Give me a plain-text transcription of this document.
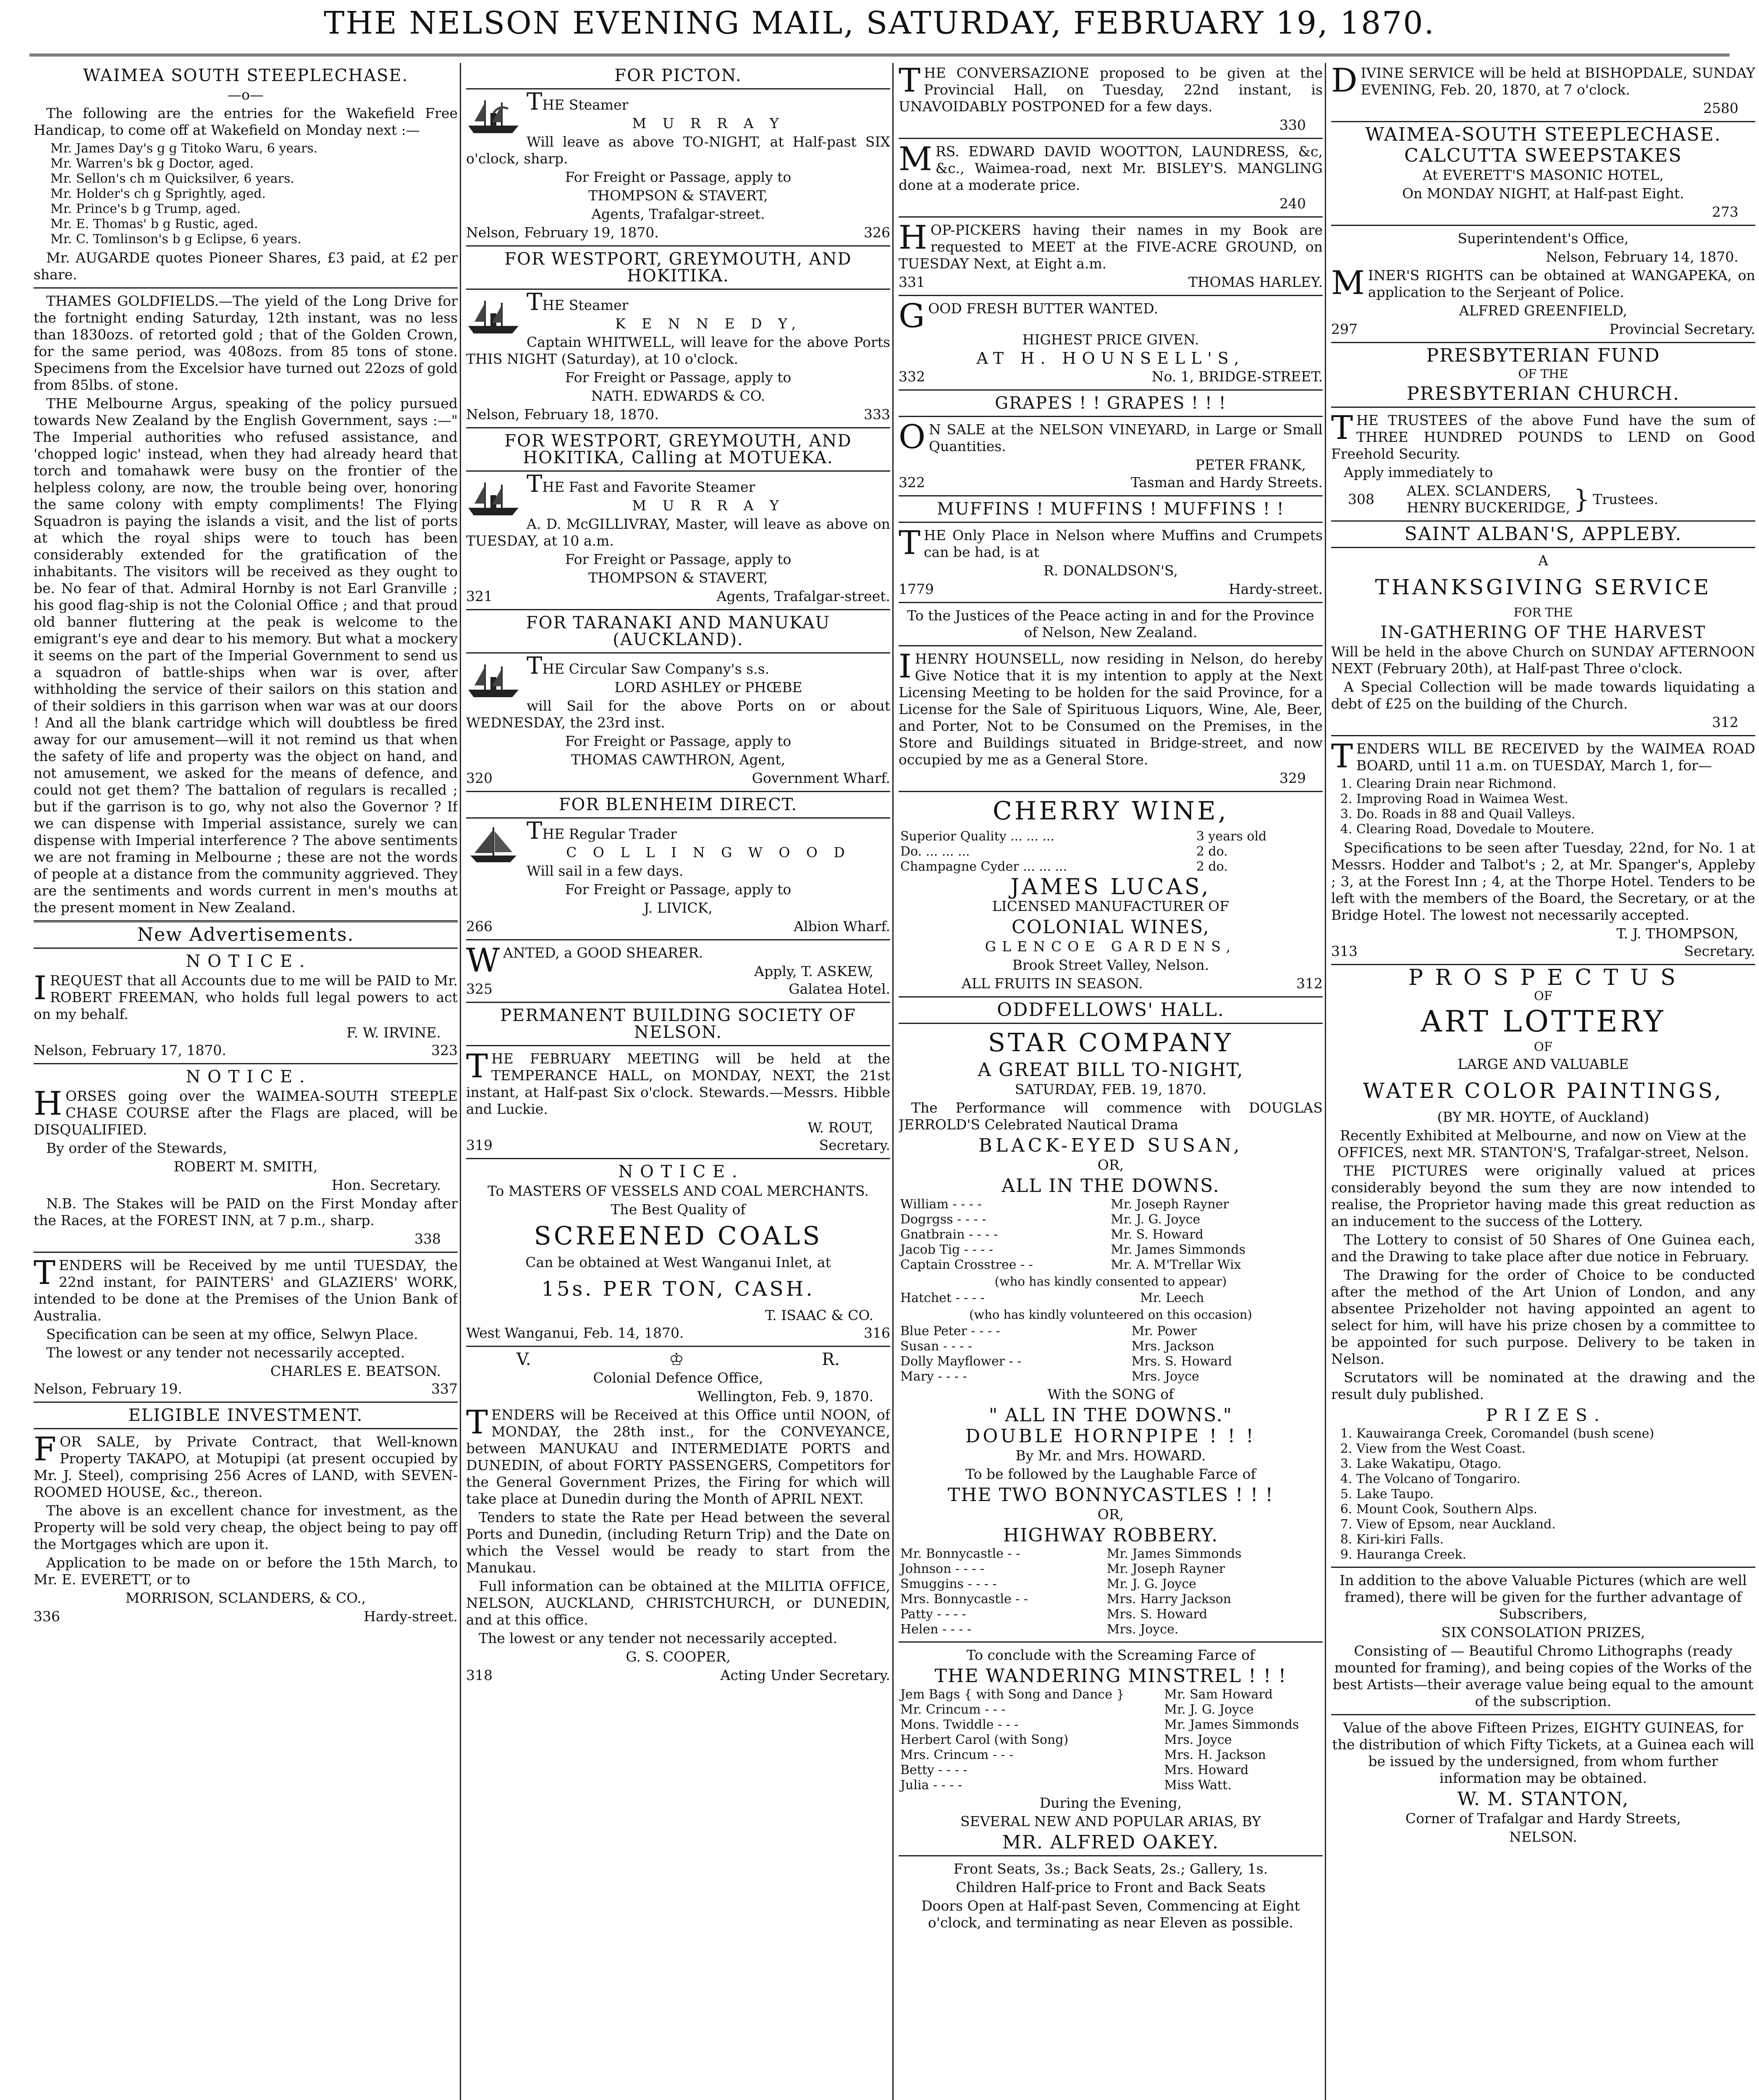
THE NELSON EVENING MAIL, SATURDAY, FEBRUARY 19, 1870.
WAIMEA SOUTH STEEPLECHASE.
—o—
The following are the entries for the Wakefield Free Handicap, to come off at Wakefield on Monday next :—
Mr. James Day's g g Titoko Waru, 6 years.
Mr. Warren's bk g Doctor, aged.
Mr. Sellon's ch m Quicksilver, 6 years.
Mr. Holder's ch g Sprightly, aged.
Mr. Prince's b g Trump, aged.
Mr. E. Thomas' b g Rustic, aged.
Mr. C. Tomlinson's b g Eclipse, 6 years.
Mr. AUGARDE quotes Pioneer Shares, £3 paid, at £2 per share.
THAMES GOLDFIELDS.—The yield of the Long Drive for the fortnight ending Saturday, 12th instant, was no less than 1830ozs. of retorted gold ; that of the Golden Crown, for the same period, was 408ozs. from 85 tons of stone. Specimens from the Excelsior have turned out 22ozs of gold from 85lbs. of stone.
THE Melbourne Argus, speaking of the policy pursued towards New Zealand by the English Government, says :—" The Imperial authorities who refused assistance, and 'chopped logic' instead, when they had already heard that torch and tomahawk were busy on the frontier of the helpless colony, are now, the trouble being over, honoring the same colony with empty compliments! The Flying Squadron is paying the islands a visit, and the list of ports at which the royal ships were to touch has been considerably extended for the gratification of the inhabitants. The visitors will be received as they ought to be. No fear of that. Admiral Hornby is not Earl Granville ; his good flag-ship is not the Colonial Office ; and that proud old banner fluttering at the peak is welcome to the emigrant's eye and dear to his memory. But what a mockery it seems on the part of the Imperial Government to send us a squadron of battle-ships when war is over, after withholding the service of their sailors on this station and of their soldiers in this garrison when war was at our doors ! And all the blank cartridge which will doubtless be fired away for our amusement—will it not remind us that when the safety of life and property was the object on hand, and not amusement, we asked for the means of defence, and could not get them? The battalion of regulars is recalled ; but if the garrison is to go, why not also the Governor ? If we can dispense with Imperial assistance, surely we can dispense with Imperial interference ? The above sentiments we are not framing in Melbourne ; these are not the words of people at a distance from the community aggrieved. They are the sentiments and words current in men's mouths at the present moment in New Zealand.
New Advertisements.
N O T I C E .
IREQUEST that all Accounts due to me will be PAID to Mr. ROBERT FREEMAN, who holds full legal powers to act on my behalf.
F. W. IRVINE.
Nelson, February 17, 1870.	323
N O T I C E .
HORSES going over the WAIMEA-SOUTH STEEPLE CHASE COURSE after the Flags are placed, will be DISQUALIFIED.
By order of the Stewards,
ROBERT M. SMITH,
Hon. Secretary.
N.B. The Stakes will be PAID on the First Monday after the Races, at the FOREST INN, at 7 p.m., sharp.
338
TENDERS will be Received by me until TUESDAY, the 22nd instant, for PAINTERS' and GLAZIERS' WORK, intended to be done at the Premises of the Union Bank of Australia.
Specification can be seen at my office, Selwyn Place.
The lowest or any tender not necessarily accepted.
CHARLES E. BEATSON.
Nelson, February 19.	337
ELIGIBLE INVESTMENT.
FOR SALE, by Private Contract, that Well-known Property TAKAPO, at Motupipi (at present occupied by Mr. J. Steel), comprising 256 Acres of LAND, with SEVEN-ROOMED HOUSE, &c., thereon.
The above is an excellent chance for investment, as the Property will be sold very cheap, the object being to pay off the Mortgages which are upon it.
Application to be made on or before the 15th March, to Mr. E. EVERETT, or to
MORRISON, SCLANDERS, & CO.,
336	Hardy-street.
FOR PICTON.
THE Steamer
M U R R A Y
Will leave as above TO-NIGHT, at Half-past SIX o'clock, sharp.
For Freight or Passage, apply to
THOMPSON & STAVERT,
Agents, Trafalgar-street.
Nelson, February 19, 1870.	326
FOR WESTPORT, GREYMOUTH, AND HOKITIKA.
THE Steamer
K E N N E D Y,
Captain WHITWELL, will leave for the above Ports THIS NIGHT (Saturday), at 10 o'clock.
For Freight or Passage, apply to
NATH. EDWARDS & CO.
Nelson, February 18, 1870.	333
FOR WESTPORT, GREYMOUTH, AND HOKITIKA, Calling at MOTUEKA.
THE Fast and Favorite Steamer
M U R R A Y
A. D. McGILLIVRAY, Master, will leave as above on TUESDAY, at 10 a.m.
For Freight or Passage, apply to
THOMPSON & STAVERT,
321	Agents, Trafalgar-street.
FOR TARANAKI AND MANUKAU (AUCKLAND).
THE Circular Saw Company's s.s.
LORD ASHLEY or PHŒBE
will Sail for the above Ports on or about WEDNESDAY, the 23rd inst.
For Freight or Passage, apply to
THOMAS CAWTHRON, Agent,
320	Government Wharf.
FOR BLENHEIM DIRECT.
THE Regular Trader
C O L L I N G W O O D
Will sail in a few days.
For Freight or Passage, apply to
J. LIVICK,
266	Albion Wharf.
WANTED, a GOOD SHEARER.
Apply, T. ASKEW,
325	Galatea Hotel.
PERMANENT BUILDING SOCIETY OF NELSON.
THE FEBRUARY MEETING will be held at the TEMPERANCE HALL, on MONDAY, NEXT, the 21st instant, at Half-past Six o'clock. Stewards.—Messrs. Hibble and Luckie.
W. ROUT,
319	Secretary.
N O T I C E .
To MASTERS OF VESSELS AND COAL MERCHANTS.
The Best Quality of
SCREENED COALS
Can be obtained at West Wanganui Inlet, at
15s. PER TON, CASH.
T. ISAAC & CO.
West Wanganui, Feb. 14, 1870.	316
V.	♔	R.
Colonial Defence Office,
Wellington, Feb. 9, 1870.
TENDERS will be Received at this Office until NOON, of MONDAY, the 28th inst., for the CONVEYANCE, between MANUKAU and INTERMEDIATE PORTS and DUNEDIN, of about FORTY PASSENGERS, Competitors for the General Government Prizes, the Firing for which will take place at Dunedin during the Month of APRIL NEXT.
Tenders to state the Rate per Head between the several Ports and Dunedin, (including Return Trip) and the Date on which the Vessel would be ready to start from the Manukau.
Full information can be obtained at the MILITIA OFFICE, NELSON, AUCKLAND, CHRISTCHURCH, or DUNEDIN, and at this office.
The lowest or any tender not necessarily accepted.
G. S. COOPER,
318	Acting Under Secretary.
THE CONVERSAZIONE proposed to be given at the Provincial Hall, on Tuesday, 22nd instant, is UNAVOIDABLY POSTPONED for a few days.
330
MRS. EDWARD DAVID WOOTTON, LAUNDRESS, &c, &c., Waimea-road, next Mr. BISLEY'S. MANGLING done at a moderate price.
240
HOP-PICKERS having their names in my Book are requested to MEET at the FIVE-ACRE GROUND, on TUESDAY Next, at Eight a.m.
331	THOMAS HARLEY.
GOOD FRESH BUTTER WANTED.
HIGHEST PRICE GIVEN.
AT H. HOUNSELL'S,
332	No. 1, BRIDGE-STREET.
GRAPES ! ! GRAPES ! ! !
O N SALE at the NELSON VINEYARD, in Large or Small Quantities.
PETER FRANK,
322	Tasman and Hardy Streets.
MUFFINS ! MUFFINS ! MUFFINS ! !
THE Only Place in Nelson where Muffins and Crumpets can be had, is at
R. DONALDSON'S,
1779	Hardy-street.
To the Justices of the Peace acting in and for the Province of Nelson, New Zealand.
IHENRY HOUNSELL, now residing in Nelson, do hereby Give Notice that it is my intention to apply at the Next Licensing Meeting to be holden for the said Province, for a License for the Sale of Spirituous Liquors, Wine, Ale, Beer, and Porter, Not to be Consumed on the Premises, in the Store and Buildings situated in Bridge-street, and now occupied by me as a General Store.
329
CHERRY WINE,
Superior Quality ... ... ...	3 years old
Do. ... ... ...	2 do.
Champagne Cyder ... ... ...	2 do.
JAMES LUCAS,
LICENSED MANUFACTURER OF
COLONIAL WINES,
GLENCOE GARDENS,
Brook Street Valley, Nelson.
ALL FRUITS IN SEASON.	312
ODDFELLOWS' HALL.
STAR COMPANY
A GREAT BILL TO-NIGHT,
SATURDAY, FEB. 19, 1870.
The Performance will commence with DOUGLAS JERROLD'S Celebrated Nautical Drama
BLACK-EYED SUSAN,
OR,
ALL IN THE DOWNS.
William - - - -	Mr. Joseph Rayner
Dogrgss - - - -	Mr. J. G. Joyce
Gnatbrain - - - -	Mr. S. Howard
Jacob Tig - - - -	Mr. James Simmonds
Captain Crosstree - -	Mr. A. M'Trellar Wix
(who has kindly consented to appear)
Hatchet - - - -	Mr. Leech
(who has kindly volunteered on this occasion)
Blue Peter - - - -	Mr. Power
Susan - - - -	Mrs. Jackson
Dolly Mayflower - -	Mrs. S. Howard
Mary - - - -	Mrs. Joyce
With the SONG of
" ALL IN THE DOWNS."
DOUBLE HORNPIPE ! ! !
By Mr. and Mrs. HOWARD.
To be followed by the Laughable Farce of
THE TWO BONNYCASTLES ! ! !
OR,
HIGHWAY ROBBERY.
Mr. Bonnycastle - -	Mr. James Simmonds
Johnson - - - -	Mr. Joseph Rayner
Smuggins - - - -	Mr. J. G. Joyce
Mrs. Bonnycastle - -	Mrs. Harry Jackson
Patty - - - -	Mrs. S. Howard
Helen - - - -	Mrs. Joyce.
To conclude with the Screaming Farce of
THE WANDERING MINSTREL ! ! !
Jem Bags { with Song and Dance }	Mr. Sam Howard
Mr. Crincum - - -	Mr. J. G. Joyce
Mons. Twiddle - - -	Mr. James Simmonds
Herbert Carol (with Song)	Mrs. Joyce
Mrs. Crincum - - -	Mrs. H. Jackson
Betty - - - -	Mrs. Howard
Julia - - - -	Miss Watt.
During the Evening,
SEVERAL NEW AND POPULAR ARIAS, BY
MR. ALFRED OAKEY.
Front Seats, 3s.; Back Seats, 2s.; Gallery, 1s.
Children Half-price to Front and Back Seats
Doors Open at Half-past Seven, Commencing at Eight o'clock, and terminating as near Eleven as possible.
DIVINE SERVICE will be held at BISHOPDALE, SUNDAY EVENING, Feb. 20, 1870, at 7 o'clock.
2580
WAIMEA-SOUTH STEEPLECHASE.
CALCUTTA SWEEPSTAKES
At EVERETT'S MASONIC HOTEL,
On MONDAY NIGHT, at Half-past Eight.
273
Superintendent's Office,
Nelson, February 14, 1870.
MINER'S RIGHTS can be obtained at WANGAPEKA, on application to the Serjeant of Police.
ALFRED GREENFIELD,
297	Provincial Secretary.
PRESBYTERIAN FUND
OF THE
PRESBYTERIAN CHURCH.
THE TRUSTEES of the above Fund have the sum of THREE HUNDRED POUNDS to LEND on Good Freehold Security.
Apply immediately to
308
ALEX. SCLANDERS,
HENRY BUCKERIDGE, } Trustees.
SAINT ALBAN'S, APPLEBY.
A
THANKSGIVING SERVICE
FOR THE
IN-GATHERING OF THE HARVEST
Will be held in the above Church on SUNDAY AFTERNOON NEXT (February 20th), at Half-past Three o'clock.
A Special Collection will be made towards liquidating a debt of £25 on the building of the Church.
312
TENDERS WILL BE RECEIVED by the WAIMEA ROAD BOARD, until 11 a.m. on TUESDAY, March 1, for—
1. Clearing Drain near Richmond.
2. Improving Road in Waimea West.
3. Do. Roads in 88 and Quail Valleys.
4. Clearing Road, Dovedale to Moutere.
Specifications to be seen after Tuesday, 22nd, for No. 1 at Messrs. Hodder and Talbot's ; 2, at Mr. Spanger's, Appleby ; 3, at the Forest Inn ; 4, at the Thorpe Hotel. Tenders to be left with the members of the Board, the Secretary, or at the Bridge Hotel. The lowest not necessarily accepted.
T. J. THOMPSON,
313	Secretary.
P R O S P E C T U S
OF
ART LOTTERY
OF
LARGE AND VALUABLE
WATER COLOR PAINTINGS,
(BY MR. HOYTE, of Auckland)
Recently Exhibited at Melbourne, and now on View at the OFFICES, next MR. STANTON'S, Trafalgar-street, Nelson.
THE PICTURES were originally valued at prices considerably beyond the sum they are now intended to realise, the Proprietor having made this great reduction as an inducement to the success of the Lottery.
The Lottery to consist of 50 Shares of One Guinea each, and the Drawing to take place after due notice in February.
The Drawing for the order of Choice to be conducted after the method of the Art Union of London, and any absentee Prizeholder not having appointed an agent to select for him, will have his prize chosen by a committee to be appointed for such purpose. Delivery to be taken in Nelson.
Scrutators will be nominated at the drawing and the result duly published.
P R I Z E S .
1. Kauwairanga Creek, Coromandel (bush scene)
2. View from the West Coast.
3. Lake Wakatipu, Otago.
4. The Volcano of Tongariro.
5. Lake Taupo.
6. Mount Cook, Southern Alps.
7. View of Epsom, near Auckland.
8. Kiri-kiri Falls.
9. Hauranga Creek.
In addition to the above Valuable Pictures (which are well framed), there will be given for the further advantage of Subscribers,
SIX CONSOLATION PRIZES,
Consisting of — Beautiful Chromo Lithographs (ready mounted for framing), and being copies of the Works of the best Artists—their average value being equal to the amount of the subscription.
Value of the above Fifteen Prizes, EIGHTY GUINEAS, for the distribution of which Fifty Tickets, at a Guinea each will be issued by the undersigned, from whom further information may be obtained.
W. M. STANTON,
Corner of Trafalgar and Hardy Streets,
NELSON.
